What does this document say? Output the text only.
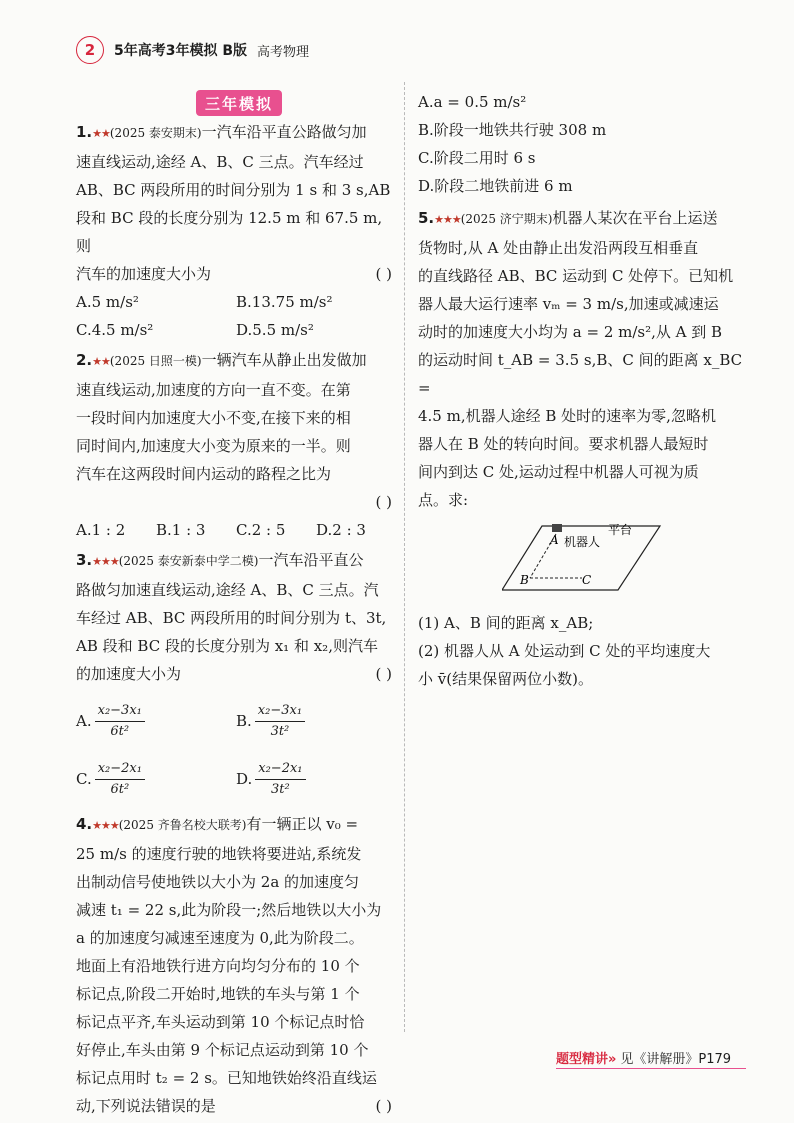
2	5年高考3年模拟 B版 高考物理
三年模拟
1.★★(2025 泰安期末)一汽车沿平直公路做匀加
速直线运动,途经 A、B、C 三点。汽车经过
AB、BC 两段所用的时间分别为 1 s 和 3 s,AB
段和 BC 段的长度分别为 12.5 m 和 67.5 m,则
汽车的加速度大小为	( )
A.5 m/s²	B.13.75 m/s²
C.4.5 m/s²	D.5.5 m/s²
2.★★(2025 日照一模)一辆汽车从静止出发做加
速直线运动,加速度的方向一直不变。在第
一段时间内加速度大小不变,在接下来的相
同时间内,加速度大小变为原来的一半。则
汽车在这两段时间内运动的路程之比为
( )
A.1 : 2	B.1 : 3	C.2 : 5	D.2 : 3
3.★★★(2025 泰安新泰中学二模)一汽车沿平直公
路做匀加速直线运动,途经 A、B、C 三点。汽
车经过 AB、BC 两段所用的时间分别为 t、3t,
AB 段和 BC 段的长度分别为 x₁ 和 x₂,则汽车
的加速度大小为	( )
A. $\frac{\text{x₂−3x₁}}{\text{6t²}}$	B. $\frac{\text{x₂−3x₁}}{\text{3t²}}$
C. $\frac{\text{x₂−2x₁}}{\text{6t²}}$	D. $\frac{\text{x₂−2x₁}}{\text{3t²}}$
4.★★★(2025 齐鲁名校大联考)有一辆正以 v₀ =
25 m/s 的速度行驶的地铁将要进站,系统发
出制动信号使地铁以大小为 2a 的加速度匀
减速 t₁ = 22 s,此为阶段一;然后地铁以大小为
a 的加速度匀减速至速度为 0,此为阶段二。
地面上有沿地铁行进方向均匀分布的 10 个
标记点,阶段二开始时,地铁的车头与第 1 个
标记点平齐,车头运动到第 10 个标记点时恰
好停止,车头由第 9 个标记点运动到第 10 个
标记点用时 t₂ = 2 s。已知地铁始终沿直线运
动,下列说法错误的是	( )
A.a = 0.5 m/s²
B.阶段一地铁共行驶 308 m
C.阶段二用时 6 s
D.阶段二地铁前进 6 m
5.★★★(2025 济宁期末)机器人某次在平台上运送
货物时,从 A 处由静止出发沿两段互相垂直
的直线路径 AB、BC 运动到 C 处停下。已知机
器人最大运行速率 vₘ = 3 m/s,加速或减速运
动时的加速度大小均为 a = 2 m/s²,从 A 到 B
的运动时间 t_AB = 3.5 s,B、C 间的距离 x_BC =
4.5 m,机器人途经 B 处时的速率为零,忽略机
器人在 B 处的转向时间。要求机器人最短时
间内到达 C 处,运动过程中机器人可视为质
点。求:
平台
机器人
A
B	C
(1) A、B 间的距离 x_AB;
(2) 机器人从 A 处运动到 C 处的平均速度大
小 v̄(结果保留两位小数)。
题型精讲» 见《讲解册》P179
